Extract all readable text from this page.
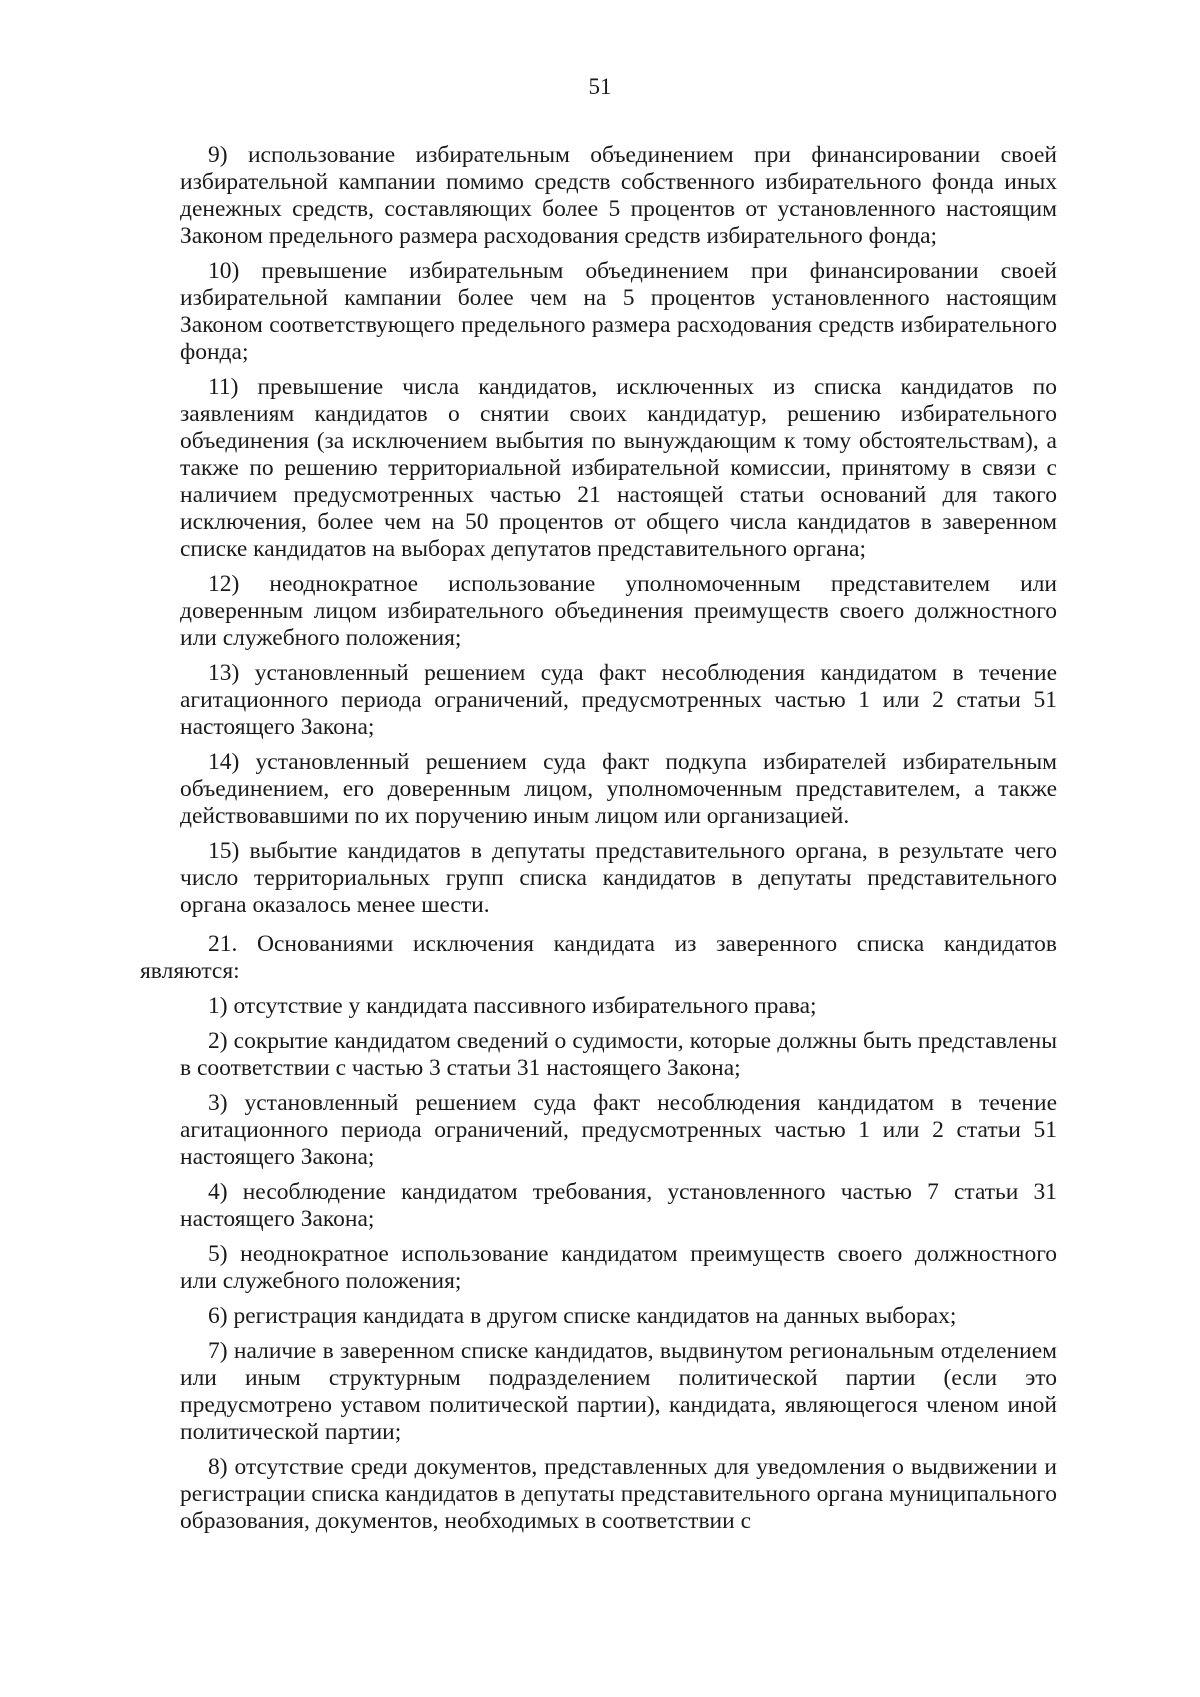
51

9) использование избирательным объединением при финансировании своей избирательной кампании помимо средств собственного избирательного фонда иных денежных средств, составляющих более 5 процентов от установленного настоящим Законом предельного размера расходования средств избирательного фонда;

10) превышение избирательным объединением при финансировании своей избирательной кампании более чем на 5 процентов установленного настоящим Законом соответствующего предельного размера расходования средств избирательного фонда;

11) превышение числа кандидатов, исключенных из списка кандидатов по заявлениям кандидатов о снятии своих кандидатур, решению избирательного объединения (за исключением выбытия по вынуждающим к тому обстоятельствам), а также по решению территориальной избирательной комиссии, принятому в связи с наличием предусмотренных частью 21 настоящей статьи оснований для такого исключения, более чем на 50 процентов от общего числа кандидатов в заверенном списке кандидатов на выборах депутатов представительного органа;

12) неоднократное использование уполномоченным представителем или доверенным лицом избирательного объединения преимуществ своего должностного или служебного положения;

13) установленный решением суда факт несоблюдения кандидатом в течение агитационного периода ограничений, предусмотренных частью 1 или 2 статьи 51 настоящего Закона;

14) установленный решением суда факт подкупа избирателей избирательным объединением, его доверенным лицом, уполномоченным представителем, а также действовавшими по их поручению иным лицом или организацией.

15) выбытие кандидатов в депутаты представительного органа, в результате чего число территориальных групп списка кандидатов в депутаты представительного органа оказалось менее шести.

21. Основаниями исключения кандидата из заверенного списка кандидатов являются:

1) отсутствие у кандидата пассивного избирательного права;

2) сокрытие кандидатом сведений о судимости, которые должны быть представлены в соответствии с частью 3 статьи 31 настоящего Закона;

3) установленный решением суда факт несоблюдения кандидатом в течение агитационного периода ограничений, предусмотренных частью 1 или 2 статьи 51 настоящего Закона;

4) несоблюдение кандидатом требования, установленного частью 7 статьи 31 настоящего Закона;

5) неоднократное использование кандидатом преимуществ своего должностного или служебного положения;

6) регистрация кандидата в другом списке кандидатов на данных выборах;

7) наличие в заверенном списке кандидатов, выдвинутом региональным отделением или иным структурным подразделением политической партии (если это предусмотрено уставом политической партии), кандидата, являющегося членом иной политической партии;

8) отсутствие среди документов, представленных для уведомления о выдвижении и регистрации списка кандидатов в депутаты представительного органа муниципального образования, документов, необходимых в соответствии с
